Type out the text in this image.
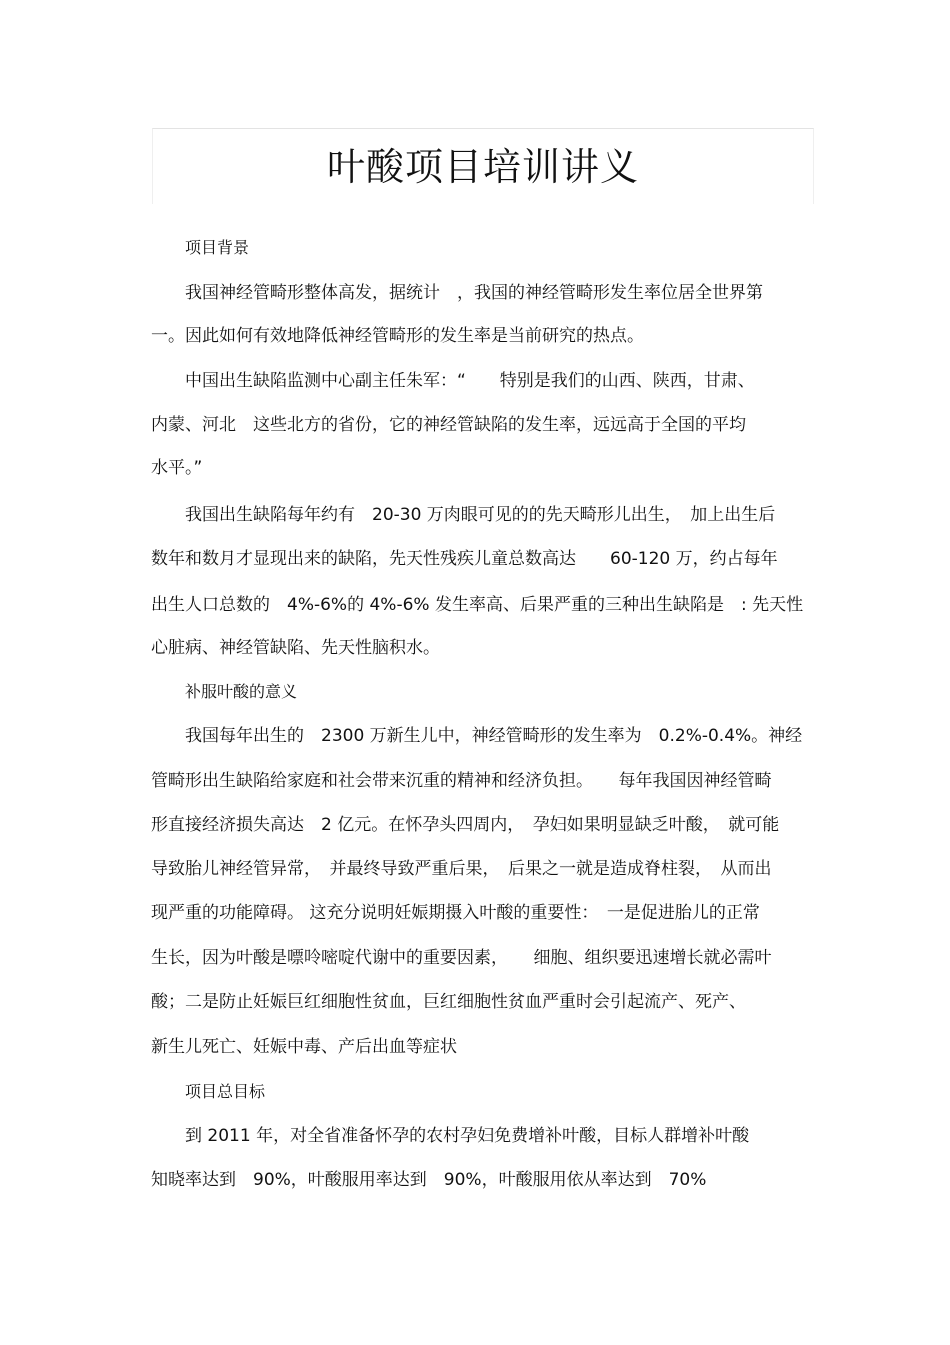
叶酸项目培训讲义
项目背景
我国神经管畸形整体高发，据统计　，我国的神经管畸形发生率位居全世界第
一。因此如何有效地降低神经管畸形的发生率是当前研究的热点。
中国出生缺陷监测中心副主任朱军：“　　特别是我们的山西、陕西，甘肃、
内蒙、河北　这些北方的省份，它的神经管缺陷的发生率，远远高于全国的平均
水平。”
我国出生缺陷每年约有　20-30 万肉眼可见的的先天畸形儿出生，　加上出生后
数年和数月才显现出来的缺陷，先天性残疾儿童总数高达　　60-120 万，约占每年
出生人口总数的　4%-6%的 4%-6% 发生率高、后果严重的三种出生缺陷是　: 先天性
心脏病、神经管缺陷、先天性脑积水。
补服叶酸的意义
我国每年出生的　2300 万新生儿中，神经管畸形的发生率为　0.2%-0.4%。神经
管畸形出生缺陷给家庭和社会带来沉重的精神和经济负担。　　每年我国因神经管畸
形直接经济损失高达　2 亿元。在怀孕头四周内，　孕妇如果明显缺乏叶酸，　就可能
导致胎儿神经管异常，　并最终导致严重后果，　后果之一就是造成脊柱裂，　从而出
现严重的功能障碍。 这充分说明妊娠期摄入叶酸的重要性：　一是促进胎儿的正常
生长，因为叶酸是嘌呤嘧啶代谢中的重要因素，　　细胞、组织要迅速增长就必需叶
酸；二是防止妊娠巨红细胞性贫血，巨红细胞性贫血严重时会引起流产、死产、
新生儿死亡、妊娠中毒、产后出血等症状
项目总目标
到 2011 年，对全省准备怀孕的农村孕妇免费增补叶酸，目标人群增补叶酸
知晓率达到　90%，叶酸服用率达到　90%，叶酸服用依从率达到　70%
